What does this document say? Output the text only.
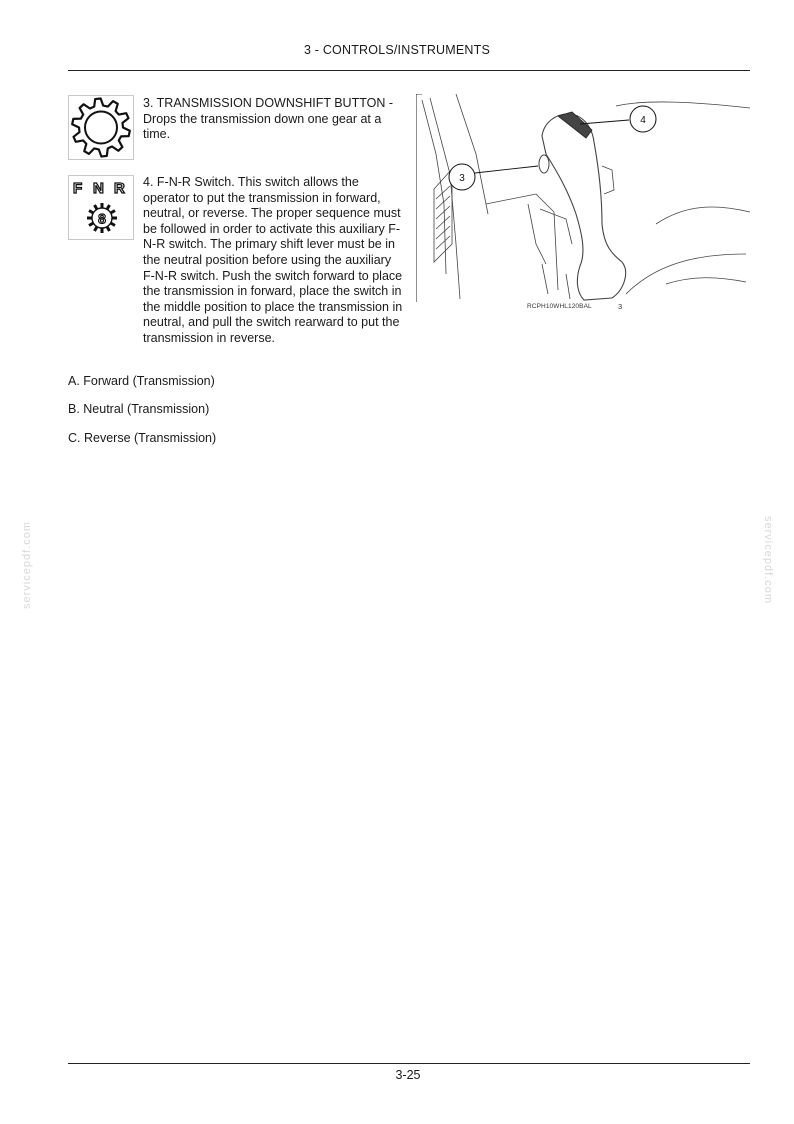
3 - CONTROLS/INSTRUMENTS
3. TRANSMISSION DOWNSHIFT BUTTON - Drops the transmission down one gear at a time.
F N R
8
4. F-N-R Switch. This switch allows the operator to put the transmission in forward, neutral, or reverse. The proper sequence must be followed in order to activate this auxiliary F-N-R switch. The primary shift lever must be in the neutral position before using the auxiliary F-N-R switch. Push the switch forward to place the transmission in forward, place the switch in the middle position to place the transmission in neutral, and pull the switch rearward to put the transmission in reverse.
A. Forward (Transmission)
B. Neutral (Transmission)
C. Reverse (Transmission)
4
3
RCPH10WHL120BAL	3
servicepdf.com	servicepdf.com
3-25
